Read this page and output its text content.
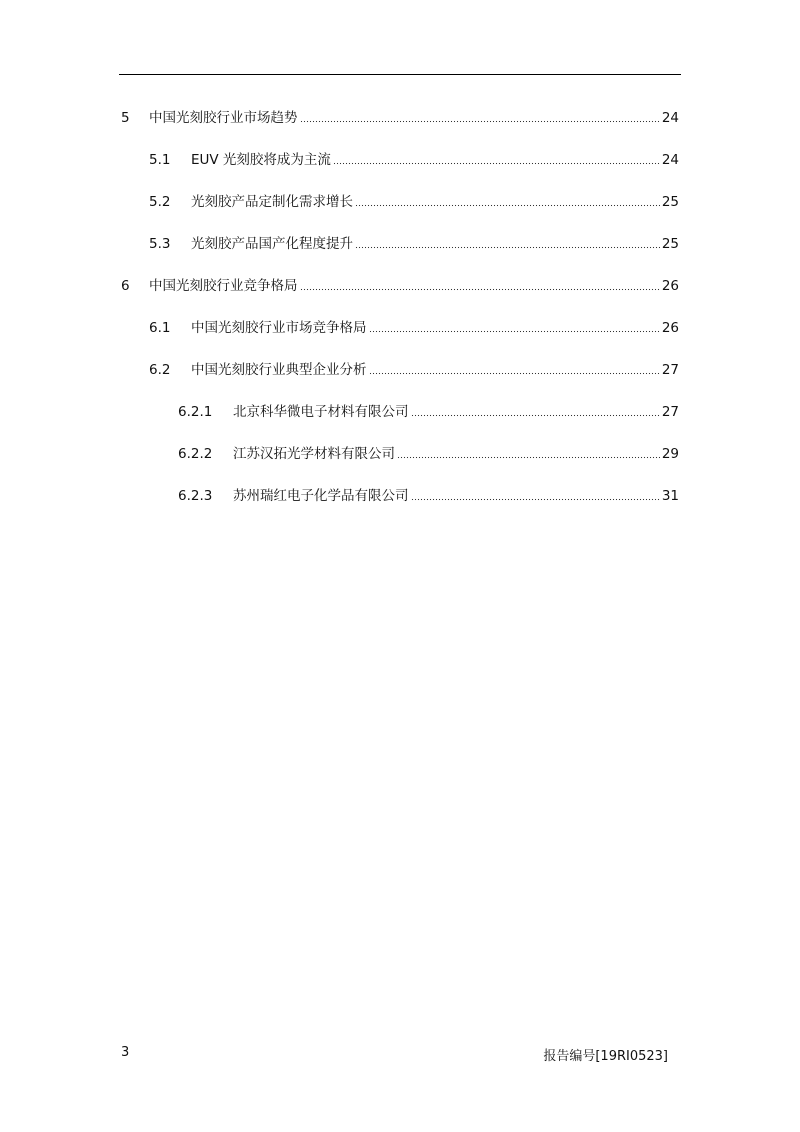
5	中国光刻胶行业市场趋势	24
5.1	EUV 光刻胶将成为主流	24
5.2	光刻胶产品定制化需求增长	25
5.3	光刻胶产品国产化程度提升	25
6	中国光刻胶行业竞争格局	26
6.1	中国光刻胶行业市场竞争格局	26
6.2	中国光刻胶行业典型企业分析	27
6.2.1	北京科华微电子材料有限公司	27
6.2.2	江苏汉拓光学材料有限公司	29
6.2.3	苏州瑞红电子化学品有限公司	31
3	报告编号[19RI0523]
